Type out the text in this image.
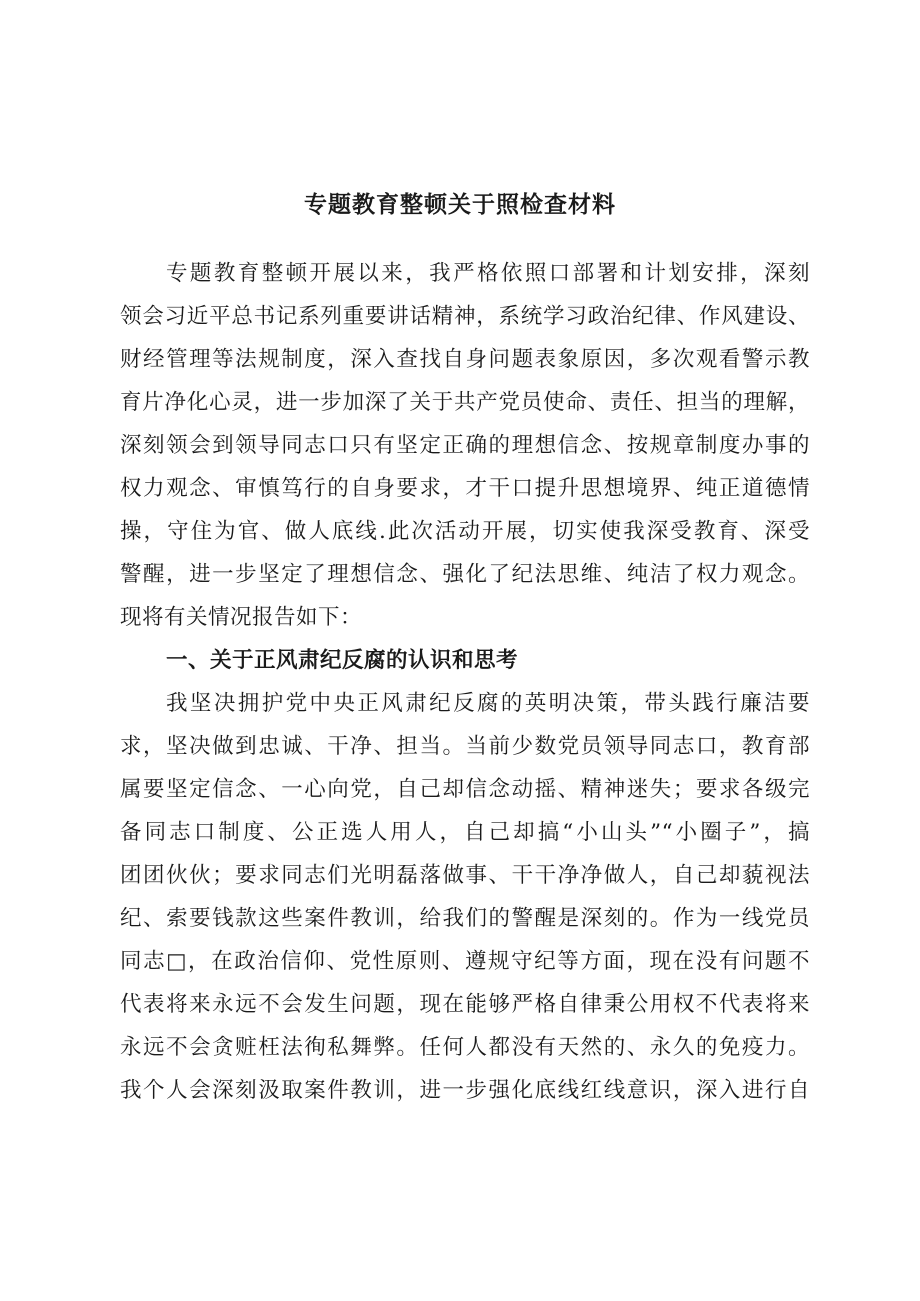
专题教育整顿关于照检查材料
专题教育整顿开展以来，我严格依照口部署和计划安排，深刻
领会习近平总书记系列重要讲话精神，系统学习政治纪律、作风建设、
财经管理等法规制度，深入查找自身问题表象原因，多次观看警示教
育片净化心灵，进一步加深了关于共产党员使命、责任、担当的理解，
深刻领会到领导同志口只有坚定正确的理想信念、按规章制度办事的
权力观念、审慎笃行的自身要求，才干口提升思想境界、纯正道德情
操，守住为官、做人底线.此次活动开展，切实使我深受教育、深受
警醒，进一步坚定了理想信念、强化了纪法思维、纯洁了权力观念。
现将有关情况报告如下：
一、关于正风肃纪反腐的认识和思考
我坚决拥护党中央正风肃纪反腐的英明决策，带头践行廉洁要
求，坚决做到忠诚、干净、担当。当前少数党员领导同志口，教育部
属要坚定信念、一心向党，自己却信念动摇、精神迷失；要求各级完
备同志口制度、公正选人用人，自己却搞“小山头”“小圈子”，搞
团团伙伙；要求同志们光明磊落做事、干干净净做人，自己却藐视法
纪、索要钱款这些案件教训，给我们的警醒是深刻的。作为一线党员
同志□，在政治信仰、党性原则、遵规守纪等方面，现在没有问题不
代表将来永远不会发生问题，现在能够严格自律秉公用权不代表将来
永远不会贪赃枉法徇私舞弊。任何人都没有天然的、永久的免疫力。
我个人会深刻汲取案件教训，进一步强化底线红线意识，深入进行自
